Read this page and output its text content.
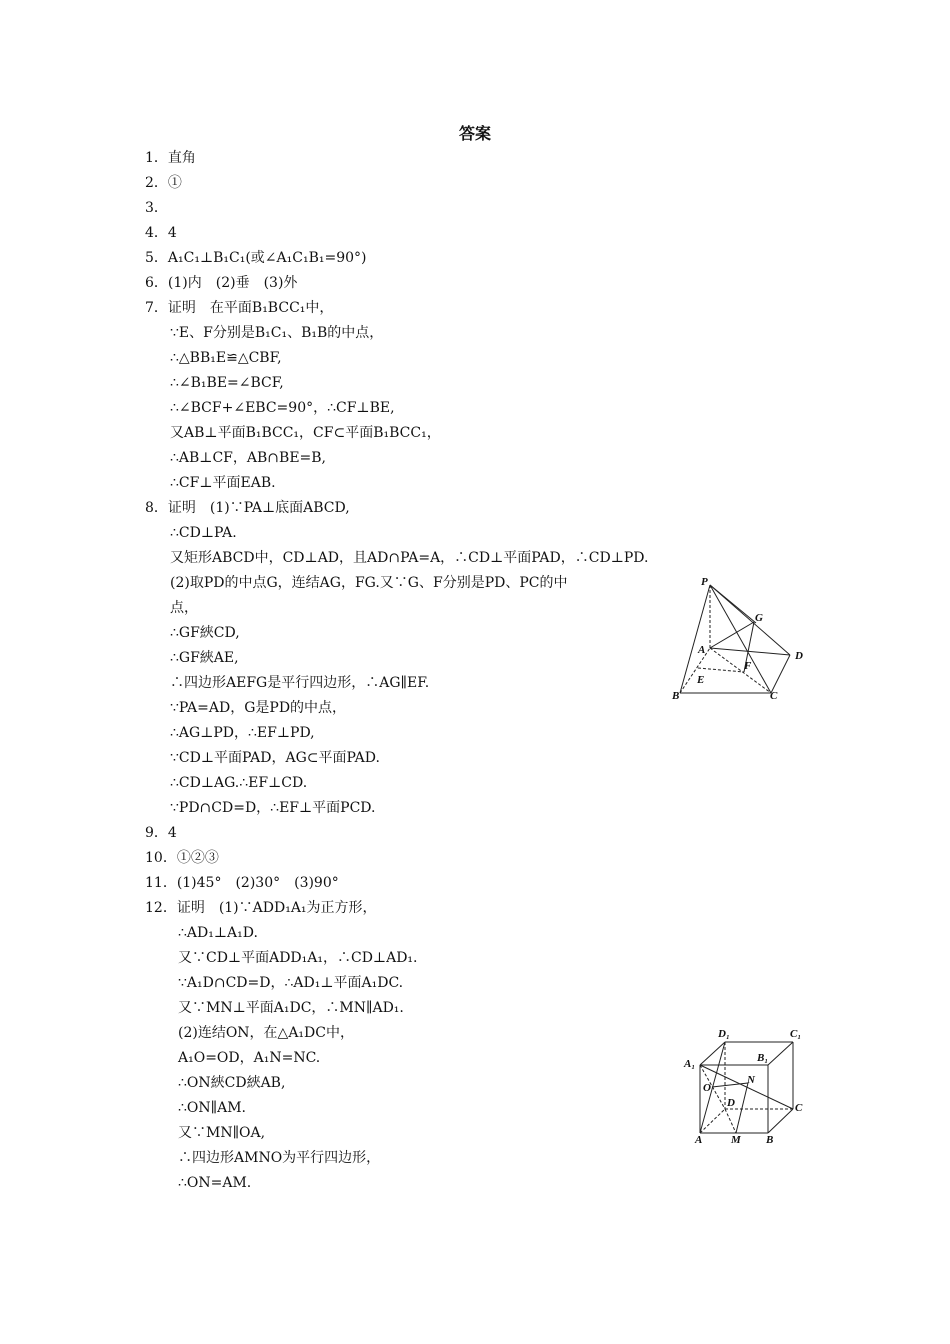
答案
1．直角
2．①
3．
4．4
5．A₁C₁⊥B₁C₁(或∠A₁C₁B₁=90°)
6．(1)内　(2)垂　(3)外
7．证明　在平面B₁BCC₁中，
∵E、F分别是B₁C₁、B₁B的中点，
∴△BB₁E≌△CBF,
∴∠B₁BE=∠BCF,
∴∠BCF+∠EBC=90°，∴CF⊥BE,
又AB⊥平面B₁BCC₁，CF⊂平面B₁BCC₁，
∴AB⊥CF，AB∩BE=B,
∴CF⊥平面EAB.
8．证明　(1)∵PA⊥底面ABCD,
∴CD⊥PA.
又矩形ABCD中，CD⊥AD，且AD∩PA=A，∴CD⊥平面PAD，∴CD⊥PD.
(2)取PD的中点G，连结AG，FG.又∵G、F分别是PD、PC的中
点，
∴GF綊CD,
∴GF綊AE,
∴四边形AEFG是平行四边形，∴AG∥EF.
∵PA=AD，G是PD的中点，
∴AG⊥PD，∴EF⊥PD,
∵CD⊥平面PAD，AG⊂平面PAD.
∴CD⊥AG.∴EF⊥CD.
∵PD∩CD=D，∴EF⊥平面PCD.
9．4
10．①②③
11．(1)45°　(2)30°　(3)90°
12．证明　(1)∵ADD₁A₁为正方形，
∴AD₁⊥A₁D.
又∵CD⊥平面ADD₁A₁，∴CD⊥AD₁.
∵A₁D∩CD=D，∴AD₁⊥平面A₁DC.
又∵MN⊥平面A₁DC，∴MN∥AD₁.
(2)连结ON，在△A₁DC中，
A₁O=OD，A₁N=NC.
∴ON綊CD綊AB,
∴ON∥AM.
又∵MN∥OA,
∴四边形AMNO为平行四边形，
∴ON=AM.
P
G
A
F
D
E
B	C
D₁	C₁
A₁	B₁
O
N
D	C
A	M B
